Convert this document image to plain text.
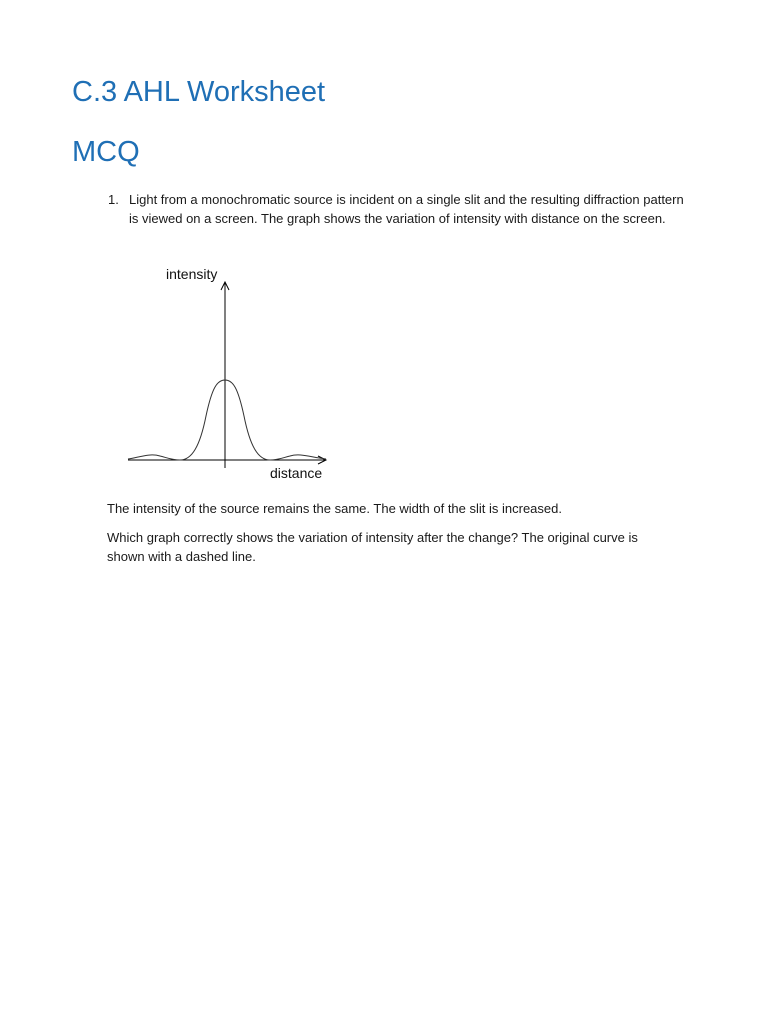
C.3 AHL Worksheet
MCQ
1. Light from a monochromatic source is incident on a single slit and the resulting diffraction pattern is viewed on a screen. The graph shows the variation of intensity with distance on the screen.
intensity
distance

The intensity of the source remains the same. The width of the slit is increased.

Which graph correctly shows the variation of intensity after the change? The original curve is shown with a dashed line.
